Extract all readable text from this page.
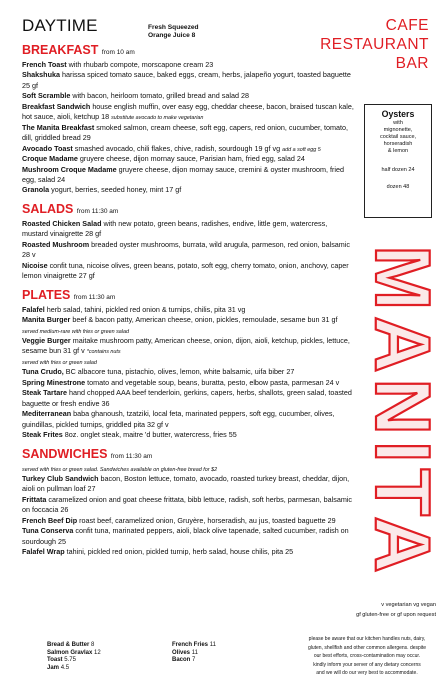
DAYTIME	Fresh Squeezed
Orange Juice 8
CAFE
RESTAURANT
BAR
BREAKFAST from 10 am
French Toast with rhubarb compote, morscapone cream 23
Shakshuka harissa spiced tomato sauce, baked eggs, cream, herbs, jalapeño yogurt, toasted baguette 25 gf
Soft Scramble with bacon, heirloom tomato, grilled bread and salad 28
Breakfast Sandwich house english muffin, over easy egg, cheddar cheese, bacon, braised tuscan kale, hot sauce, aioli, ketchup 18 substitute avocado to make vegetarian
The Manita Breakfast smoked salmon, cream cheese, soft egg, capers, red onion, cucumber, tomato, dill, griddled bread 29
Avocado Toast smashed avocado, chili flakes, chive, radish, sourdough 19 gf vg add a soft egg 5
Croque Madame gruyere cheese, dijon mornay sauce, Parisian ham, fried egg, salad 24
Mushroom Croque Madame gruyere cheese, dijon mornay sauce, cremini & oyster mushroom, fried egg, salad 24
Granola yogurt, berries, seeded honey, mint 17 gf
SALADS from 11:30 am
Roasted Chicken Salad with new potato, green beans, radishes, endive, little gem, watercress, mustard vinaigrette 28 gf
Roasted Mushroom breaded oyster mushrooms, burrata, wild arugula, parmeson, red onion, balsamic 28 v
Nicoise confit tuna, nicoise olives, green beans, potato, soft egg, cherry tomato, onion, anchovy, caper lemon vinaigrette 27 gf
PLATES from 11:30 am
Falafel herb salad, tahini, pickled red onion & turnips, chilis, pita 31 vg
Manita Burger beef & bacon patty, American cheese, onion, pickles, remoulade, sesame bun 31 gf served medium-rare with fries or green salad
Veggie Burger maitake mushroom patty, American cheese, onion, dijon, aioli, ketchup, pickles, lettuce, sesame bun 31 gf v *contains nuts
served with fries or green salad
Tuna Crudo, BC albacore tuna, pistachio, olives, lemon, white balsamic, uifa biber 27
Spring Minestrone tomato and vegetable soup, beans, buratta, pesto, elbow pasta, parmesan 24 v
Steak Tartare hand chopped AAA beef tenderloin, gerkins, capers, herbs, shallots, green salad, toasted baguette or fresh endive 36
Mediterranean baba ghanoush, tzatziki, local feta, marinated peppers, soft egg, cucumber, olives, guindillas, pickled turnips, griddled pita 32 gf v
Steak Frites 8oz. onglet steak, maitre 'd butter, watercress, fries 55
SANDWICHES from 11:30 am
served with fries or green salad. Sandwiches available on gluten-free bread for $2
Turkey Club Sandwich bacon, Boston lettuce, tomato, avocado, roasted turkey breast, cheddar, dijon, aioli on pullman loaf 27
Frittata caramelized onion and goat cheese frittata, bibb lettuce, radish, soft herbs, parmesan, balsamic on foccacia 26
French Beef Dip roast beef, caramelized onion, Gruyère, horseradish, au jus, toasted baguette 29
Tuna Conserva confit tuna, marinated peppers, aioli, black olive tapenade, salted cucumber, radish on sourdough 25
Falafel Wrap tahini, pickled red onion, pickled turnip, herb salad, house chilis, pita 25
Oysters
with
mignonette,
cocktail sauce,
horseradish
& lemon
half dozen 24
dozen 48
MANITA
v vegetarian vg vegan
gf gluten-free or gf upon request
please be aware that our kitchen handles nuts, dairy,
gluten, shellfish and other common allergens. despite
our best efforts, cross-contamination may occur.
kindly inform your server of any dietary concerns
and we will do our very best to accommodate.
Bread & Butter 8
Salmon Gravlax 12
Toast 5.75
Jam 4.5
French Fries 11
Olives 11
Bacon 7
